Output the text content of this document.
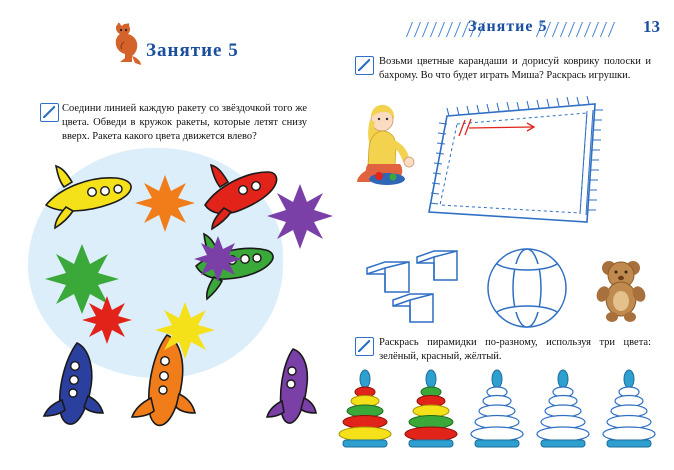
Занятие 5
Соедини линией каждую ракету со звёздочкой того же цвета. Обведи в кружок ракеты, которые летят снизу вверх. Ракета какого цвета движется влево?
Занятие 5	13
Возьми цветные карандаши и дорисуй коврику полоски и бахрому. Во что будет играть Миша? Раскрась игрушки.
Раскрась пирамидки по-разному, используя три цвета: зелёный, красный, жёлтый.
